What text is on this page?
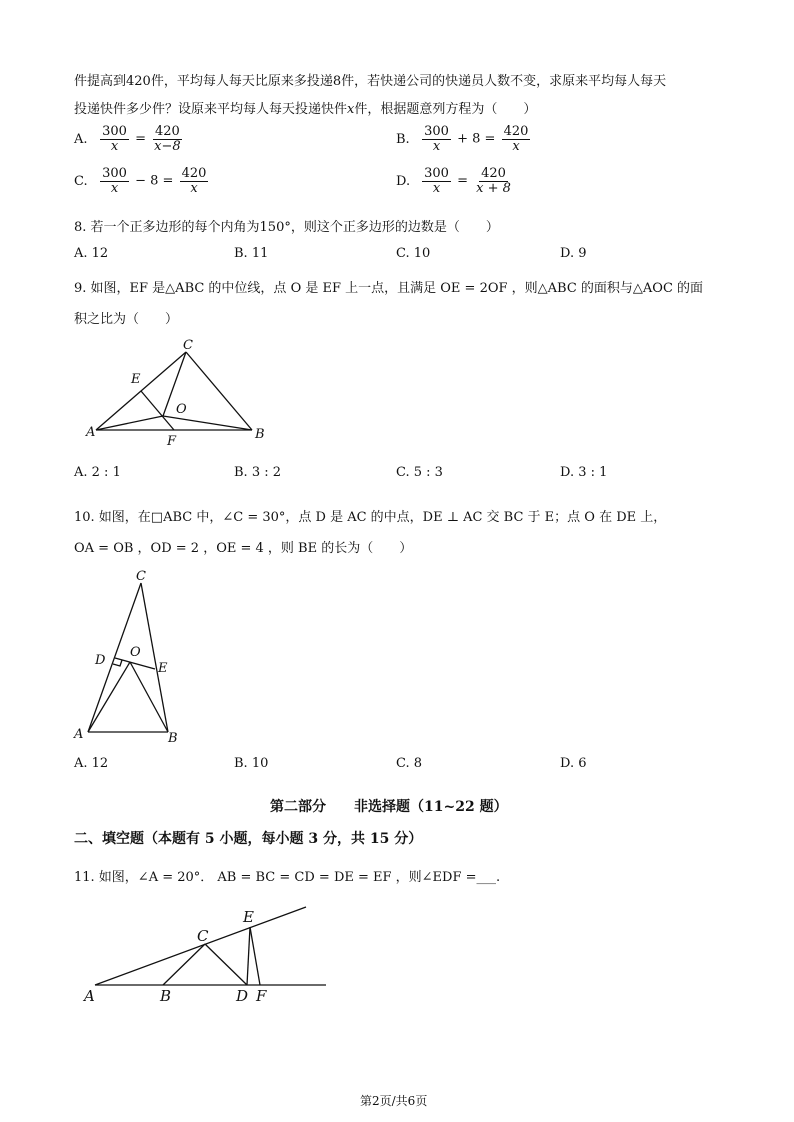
件提高到420件，平均每人每天比原来多投递8件，若快递公司的快递员人数不变，求原来平均每人每天
投递快件多少件？设原来平均每人每天投递快件x件，根据题意列方程为（　　）
A. $\frac{300}{x} = \frac{420}{x-8}$	B. $\frac{300}{x} + 8 = \frac{420}{x}$
C. $\frac{300}{x} - 8 = \frac{420}{x}$	D. $\frac{300}{x} = \frac{420}{x + 8}$
8. 若一个正多边形的每个内角为150°，则这个正多边形的边数是（　　）
A. 12	B. 11	C. 10	D. 9
9. 如图，EF 是△ABC 的中位线，点 O 是 EF 上一点，且满足 OE = 2OF ，则△ABC 的面积与△AOC 的面
积之比为（　　）
C
E
O
A
F	B
C
D
O
E
A	B
A	B
C
D
E
F
A. 2 : 1	B. 3 : 2	C. 5 : 3	D. 3 : 1
10. 如图，在□ABC 中，∠C = 30°，点 D 是 AC 的中点，DE ⊥ AC 交 BC 于 E；点 O 在 DE 上，
OA = OB ，OD = 2 ，OE = 4 ，则 BE 的长为（　　）
A. 12	B. 10	C. 8	D. 6
第二部分　　非选择题（11~22 题）
二、填空题（本题有 5 小题，每小题 3 分，共 15 分）
11. 如图，∠A = 20°． AB = BC = CD = DE = EF ，则∠EDF =___.
第2页/共6页
